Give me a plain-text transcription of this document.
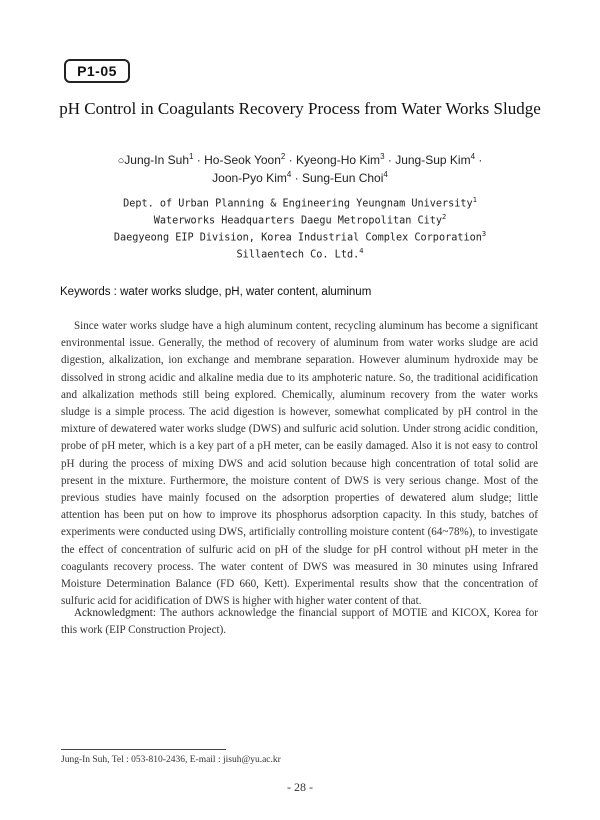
P1-05
pH Control in Coagulants Recovery Process from Water Works Sludge
○Jung-In Suh$^1$ · Ho-Seok Yoon$^2$ · Kyeong-Ho Kim$^3$ · Jung-Sup Kim$^4$ ·
Joon-Pyo Kim$^4$ · Sung-Eun Choi$^4$
Dept. of Urban Planning & Engineering Yeungnam University$^1$
Waterworks Headquarters Daegu Metropolitan City$^2$
Daegyeong EIP Division, Korea Industrial Complex Corporation$^3$
Sillaentech Co. Ltd.$^4$
Keywords : water works sludge, pH, water content, aluminum

Since water works sludge have a high aluminum content, recycling aluminum has become a significant environmental issue. Generally, the method of recovery of aluminum from water works sludge are acid digestion, alkalization, ion exchange and membrane separation. However aluminum hydroxide may be dissolved in strong acidic and alkaline media due to its amphoteric nature. So, the traditional acidification and alkalization methods still being explored. Chemically, aluminum recovery from the water works sludge is a simple process. The acid digestion is however, somewhat complicated by pH control in the mixture of dewatered water works sludge (DWS) and sulfuric acid solution. Under strong acidic condition, probe of pH meter, which is a key part of a pH meter, can be easily damaged. Also it is not easy to control pH during the process of mixing DWS and acid solution because high concentration of total solid are present in the mixture. Furthermore, the moisture content of DWS is very serious change. Most of the previous studies have mainly focused on the adsorption properties of dewatered alum sludge; little attention has been put on how to improve its phosphorus adsorption capacity. In this study, batches of experiments were conducted using DWS, artificially controlling moisture content (64~78%), to investigate the effect of concentration of sulfuric acid on pH of the sludge for pH control without pH meter in the coagulants recovery process. The water content of DWS was measured in 30 minutes using Infrared Moisture Determination Balance (FD 660, Kett). Experimental results show that the concentration of sulfuric acid for acidification of DWS is higher with higher water content of that.

Acknowledgment: The authors acknowledge the financial support of MOTIE and KICOX, Korea for this work (EIP Construction Project).

Jung-In Suh, Tel : 053-810-2436, E-mail : jisuh@yu.ac.kr
- 28 -
